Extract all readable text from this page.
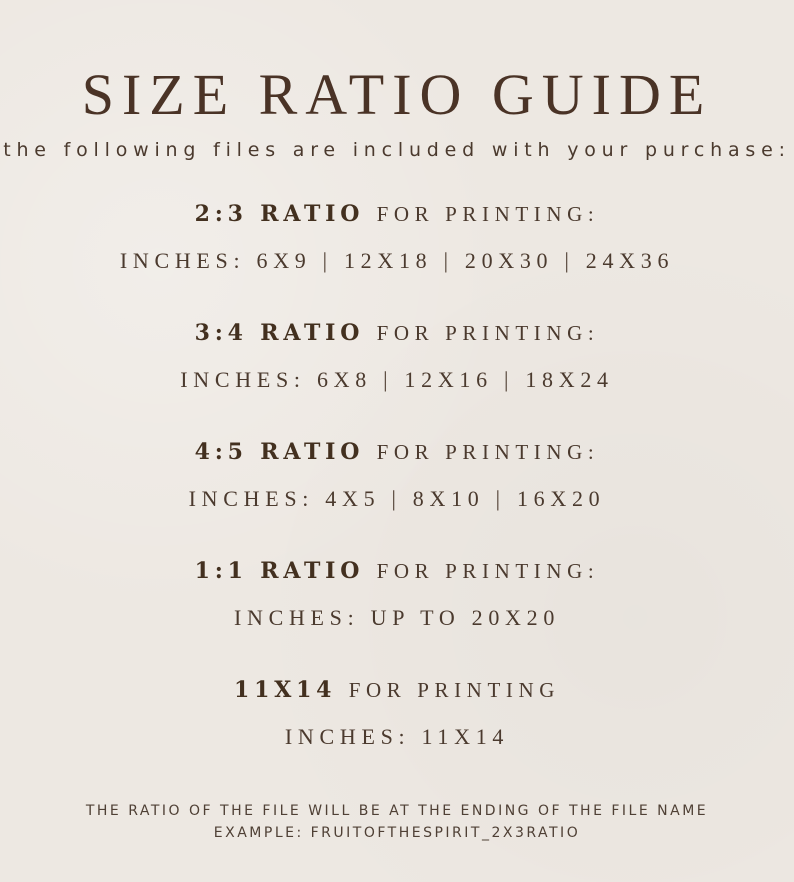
SIZE RATIO GUIDE
the following files are included with your purchase:
2:3 RATIO FOR PRINTING:
INCHES: 6X9 | 12X18 | 20X30 | 24X36
3:4 RATIO FOR PRINTING:
INCHES: 6X8 | 12X16 | 18X24
4:5 RATIO FOR PRINTING:
INCHES: 4X5 | 8X10 | 16X20
1:1 RATIO FOR PRINTING:
INCHES: UP TO 20X20
11X14 FOR PRINTING
INCHES: 11X14
THE RATIO OF THE FILE WILL BE AT THE ENDING OF THE FILE NAME
EXAMPLE: FRUITOFTHESPIRIT_2X3RATIO
